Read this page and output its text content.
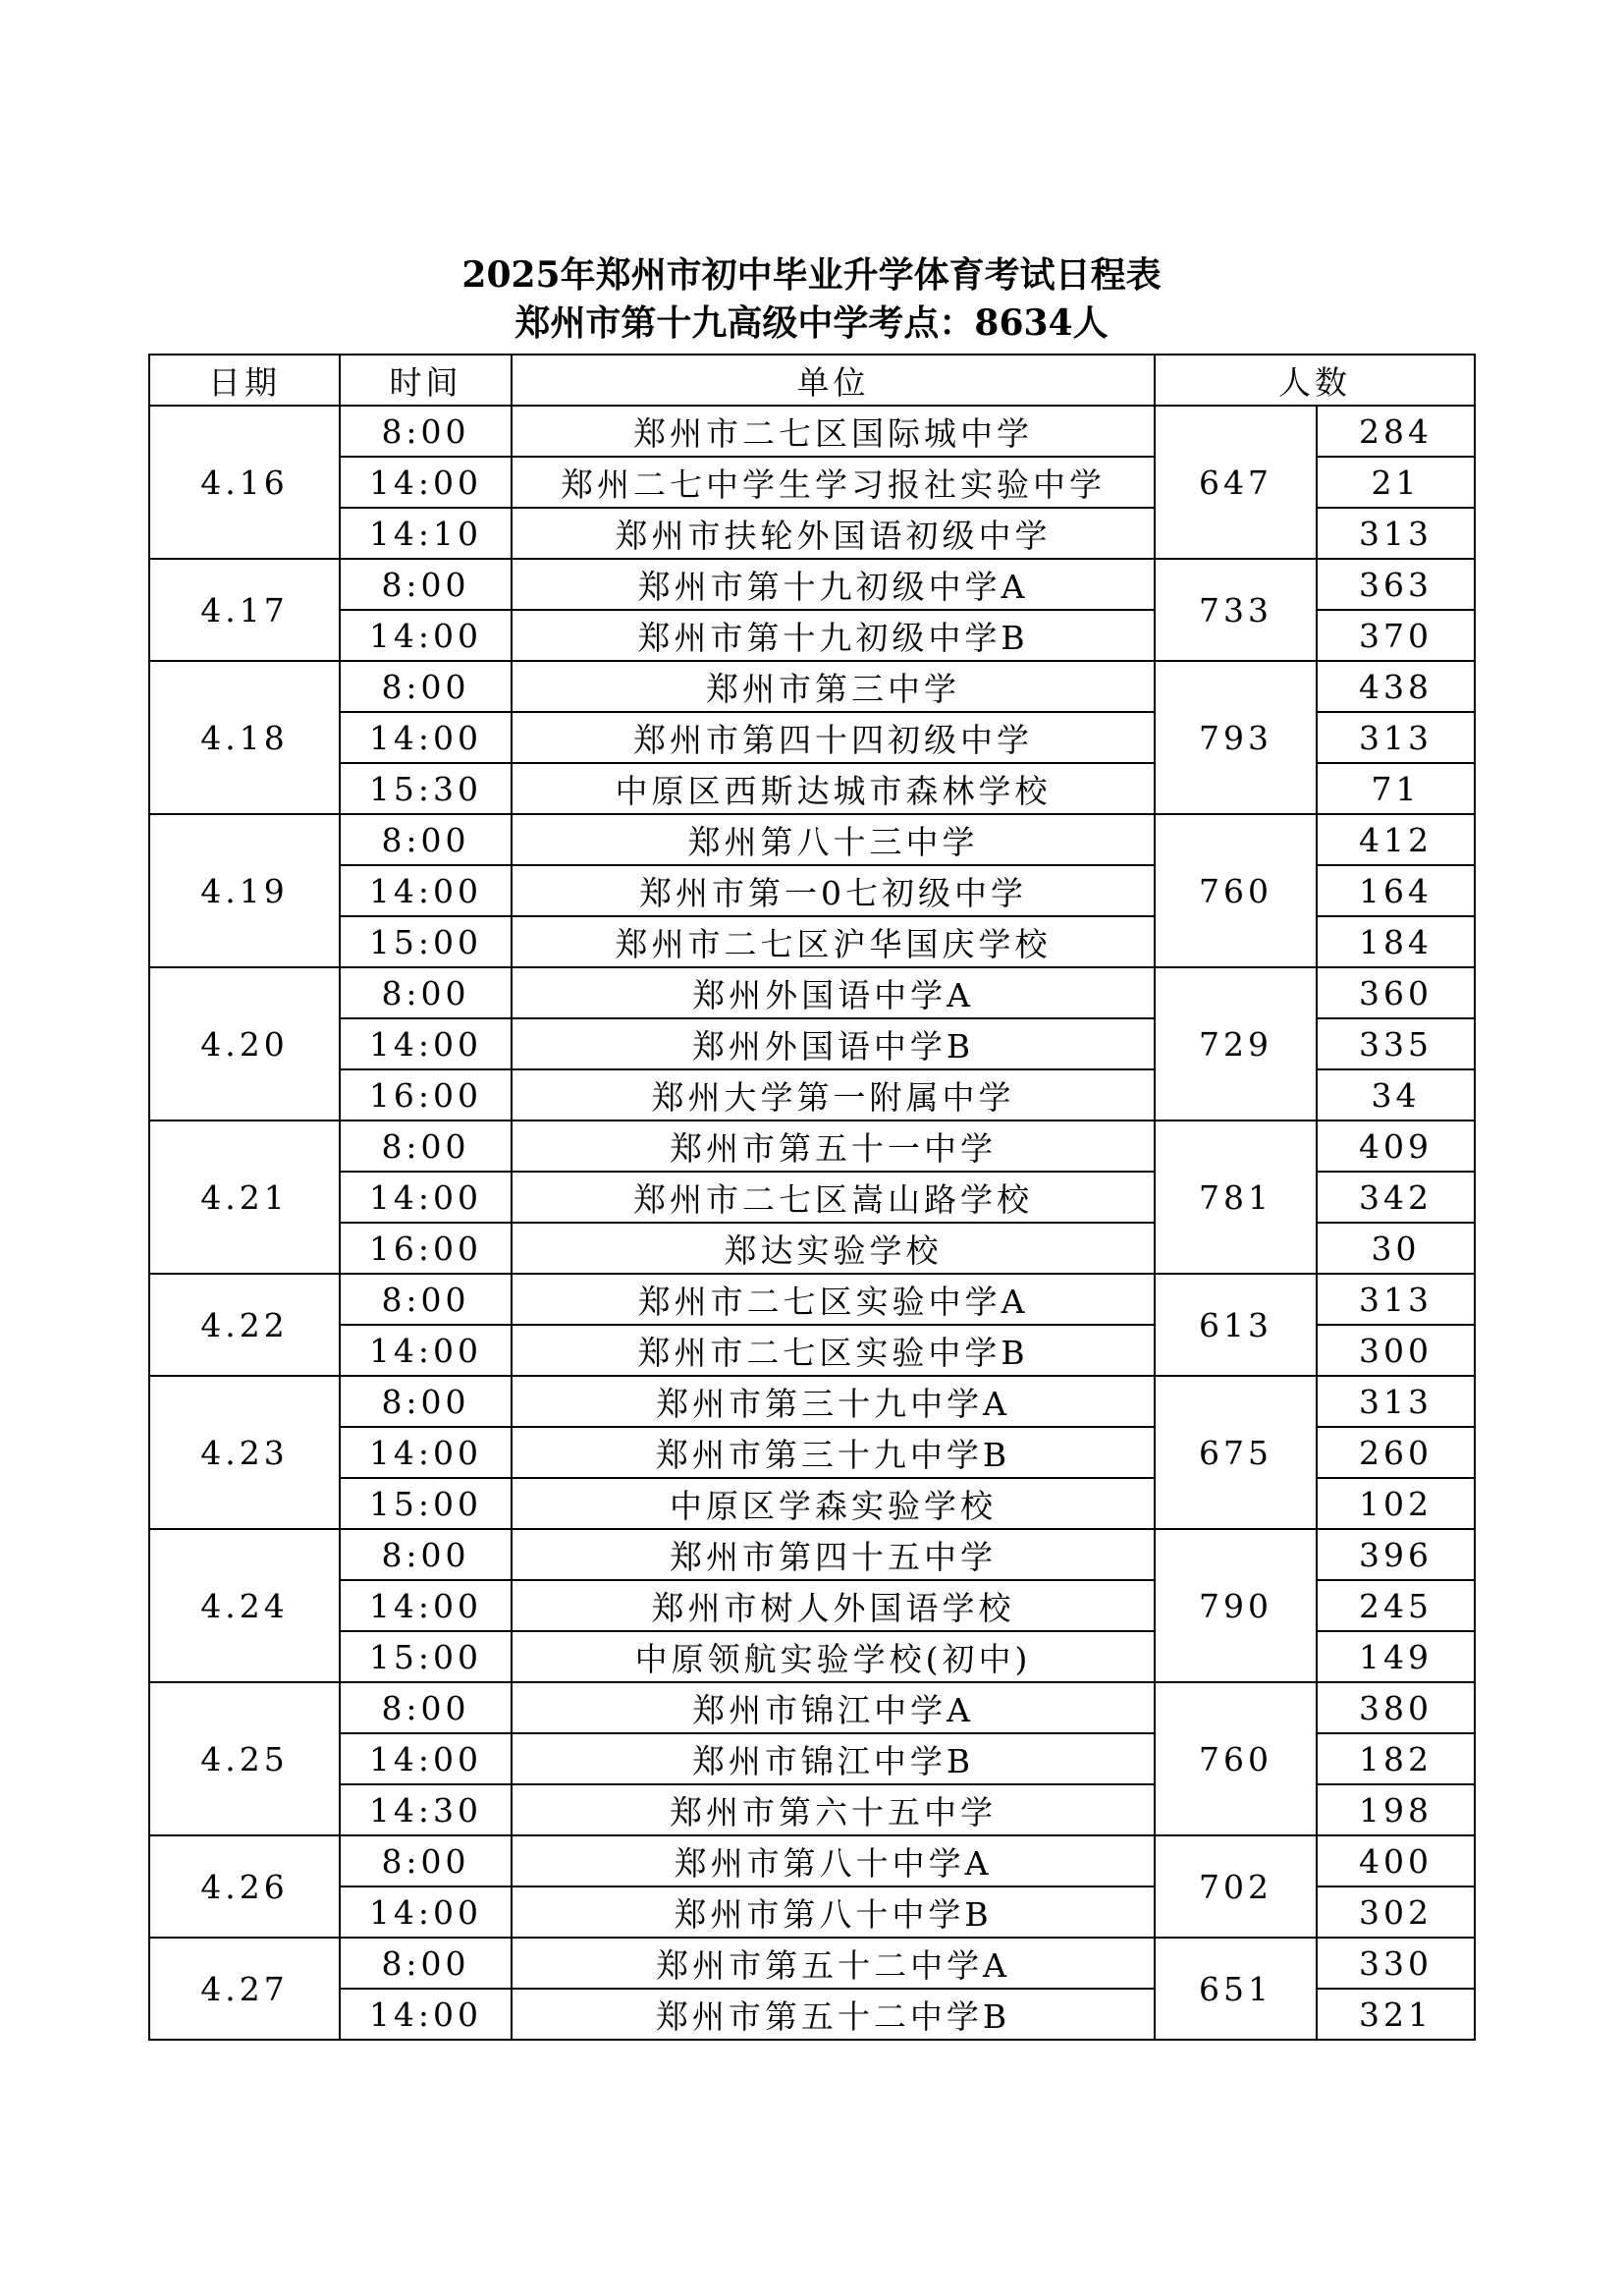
2025年郑州市初中毕业升学体育考试日程表
郑州市第十九高级中学考点：8634人
日期	时间	单位	人数	
4.16	8:00	郑州市二七区国际城中学	647	284
	14:00	郑州二七中学生学习报社实验中学		21
	14:10	郑州市扶轮外国语初级中学		313
4.17	8:00	郑州市第十九初级中学A	733	363
	14:00	郑州市第十九初级中学B		370
4.18	8:00	郑州市第三中学	793	438
	14:00	郑州市第四十四初级中学		313
	15:30	中原区西斯达城市森林学校		71
4.19	8:00	郑州第八十三中学	760	412
	14:00	郑州市第一0七初级中学		164
	15:00	郑州市二七区沪华国庆学校		184
4.20	8:00	郑州外国语中学A	729	360
	14:00	郑州外国语中学B		335
	16:00	郑州大学第一附属中学		34
4.21	8:00	郑州市第五十一中学	781	409
	14:00	郑州市二七区嵩山路学校		342
	16:00	郑达实验学校		30
4.22	8:00	郑州市二七区实验中学A	613	313
	14:00	郑州市二七区实验中学B		300
4.23	8:00	郑州市第三十九中学A	675	313
	14:00	郑州市第三十九中学B		260
	15:00	中原区学森实验学校		102
4.24	8:00	郑州市第四十五中学	790	396
	14:00	郑州市树人外国语学校		245
	15:00	中原领航实验学校(初中)		149
4.25	8:00	郑州市锦江中学A	760	380
	14:00	郑州市锦江中学B		182
	14:30	郑州市第六十五中学		198
4.26	8:00	郑州市第八十中学A	702	400
	14:00	郑州市第八十中学B		302
4.27	8:00	郑州市第五十二中学A	651	330
	14:00	郑州市第五十二中学B		321
